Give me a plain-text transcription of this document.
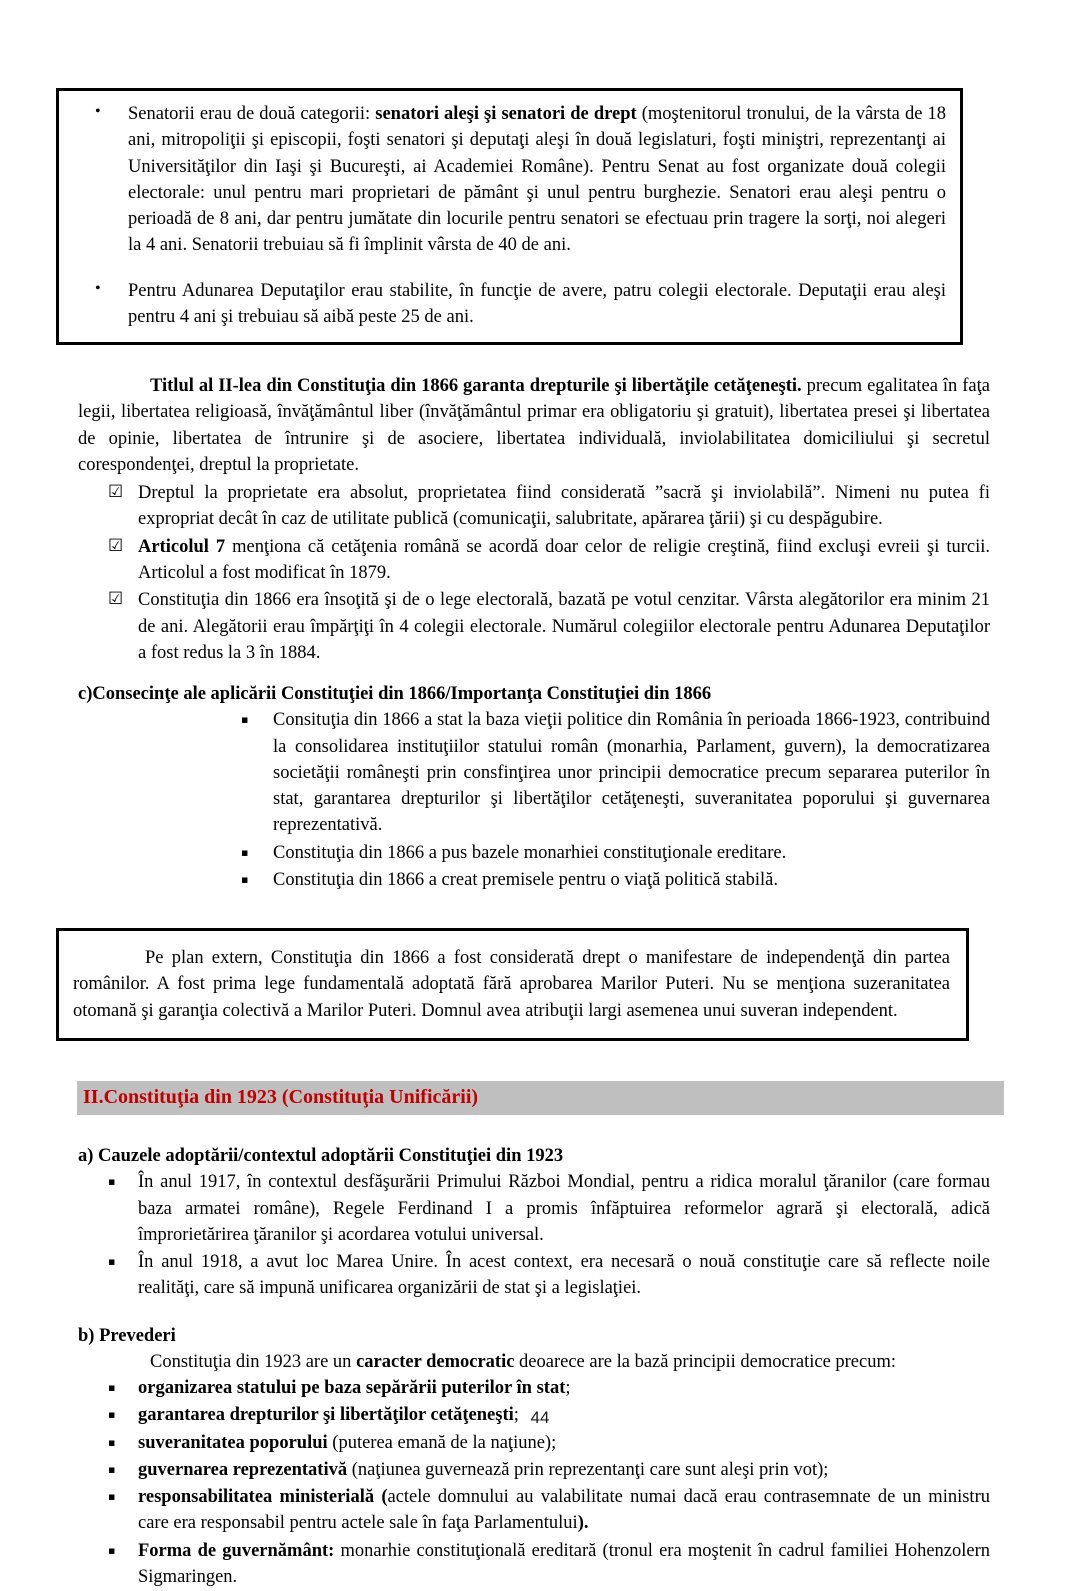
• Senatorii erau de două categorii: senatori aleşi şi senatori de drept (moştenitorul tronului, de la vârsta de 18 ani, mitropoliţii şi episcopii, foşti senatori şi deputaţi aleşi în două legislaturi, foşti miniştri, reprezentanţi ai Universităţilor din Iaşi şi Bucureşti, ai Academiei Române). Pentru Senat au fost organizate două colegii electorale: unul pentru mari proprietari de pământ şi unul pentru burghezie. Senatori erau aleşi pentru o perioadă de 8 ani, dar pentru jumătate din locurile pentru senatori se efectuau prin tragere la sorţi, noi alegeri la 4 ani. Senatorii trebuiau să fi împlinit vârsta de 40 de ani.
• Pentru Adunarea Deputaţilor erau stabilite, în funcţie de avere, patru colegii electorale. Deputaţii erau aleşi pentru 4 ani şi trebuiau să aibă peste 25 de ani.

Titlul al II-lea din Constituţia din 1866 garanta drepturile şi libertăţile cetăţeneşti. precum egalitatea în faţa legii, libertatea religioasă, învăţământul liber (învăţământul primar era obligatoriu şi gratuit), libertatea presei şi libertatea de opinie, libertatea de întrunire şi de asociere, libertatea individuală, inviolabilitatea domiciliului şi secretul corespondenţei, dreptul la proprietate.

☑ Dreptul la proprietate era absolut, proprietatea fiind considerată ”sacră şi inviolabilă”. Nimeni nu putea fi expropriat decât în caz de utilitate publică (comunicaţii, salubritate, apărarea ţării) şi cu despăgubire.
☑ Articolul 7 menţiona că cetăţenia română se acordă doar celor de religie creştină, fiind excluşi evreii şi turcii. Articolul a fost modificat în 1879.
☑ Constituţia din 1866 era însoţită şi de o lege electorală, bazată pe votul cenzitar. Vârsta alegătorilor era minim 21 de ani. Alegătorii erau împărţiţi în 4 colegii electorale. Numărul colegiilor electorale pentru Adunarea Deputaţilor a fost redus la 3 în 1884.
c)Consecinţe ale aplicării Constituţiei din 1866/Importanţa Constituţiei din 1866
▪ Consituţia din 1866 a stat la baza vieţii politice din România în perioada 1866-1923, contribuind la consolidarea instituţiilor statului român (monarhia, Parlament, guvern), la democratizarea societăţii româneşti prin consfinţirea unor principii democratice precum separarea puterilor în stat, garantarea drepturilor şi libertăţilor cetăţeneşti, suveranitatea poporului şi guvernarea reprezentativă.
▪ Constituţia din 1866 a pus bazele monarhiei constituţionale ereditare.
▪ Constituţia din 1866 a creat premisele pentru o viaţă politică stabilă.

Pe plan extern, Constituţia din 1866 a fost considerată drept o manifestare de independenţă din partea românilor. A fost prima lege fundamentală adoptată fără aprobarea Marilor Puteri. Nu se menţiona suzeranitatea otomană şi garanţia colectivă a Marilor Puteri. Domnul avea atribuţii largi asemenea unui suveran independent.

II.Constituţia din 1923 (Constituţia Unificării)
a) Cauzele adoptării/contextul adoptării Constituţiei din 1923
▪ În anul 1917, în contextul desfăşurării Primului Război Mondial, pentru a ridica moralul ţăranilor (care formau baza armatei române), Regele Ferdinand I a promis înfăptuirea reformelor agrară şi electorală, adică împrorietărirea ţăranilor şi acordarea votului universal.
▪ În anul 1918, a avut loc Marea Unire. În acest context, era necesară o nouă constituţie care să reflecte noile realităţi, care să impună unificarea organizării de stat şi a legislaţiei.
b) Prevederi

Constituţia din 1923 are un caracter democratic deoarece are la bază principii democratice precum:

▪ organizarea statului pe baza sepărării puterilor în stat;
▪ garantarea drepturilor şi libertăţilor cetăţeneşti;
▪ suveranitatea poporului (puterea emană de la naţiune);
▪ guvernarea reprezentativă (naţiunea guvernează prin reprezentanţi care sunt aleşi prin vot);
▪ responsabilitatea ministerială (actele domnului au valabilitate numai dacă erau contrasemnate de un ministru care era responsabil pentru actele sale în faţa Parlamentului).
▪ Forma de guvernământ: monarhie constituţională ereditară (tronul era moştenit în cadrul familiei Hohenzolern Sigmaringen.
44
